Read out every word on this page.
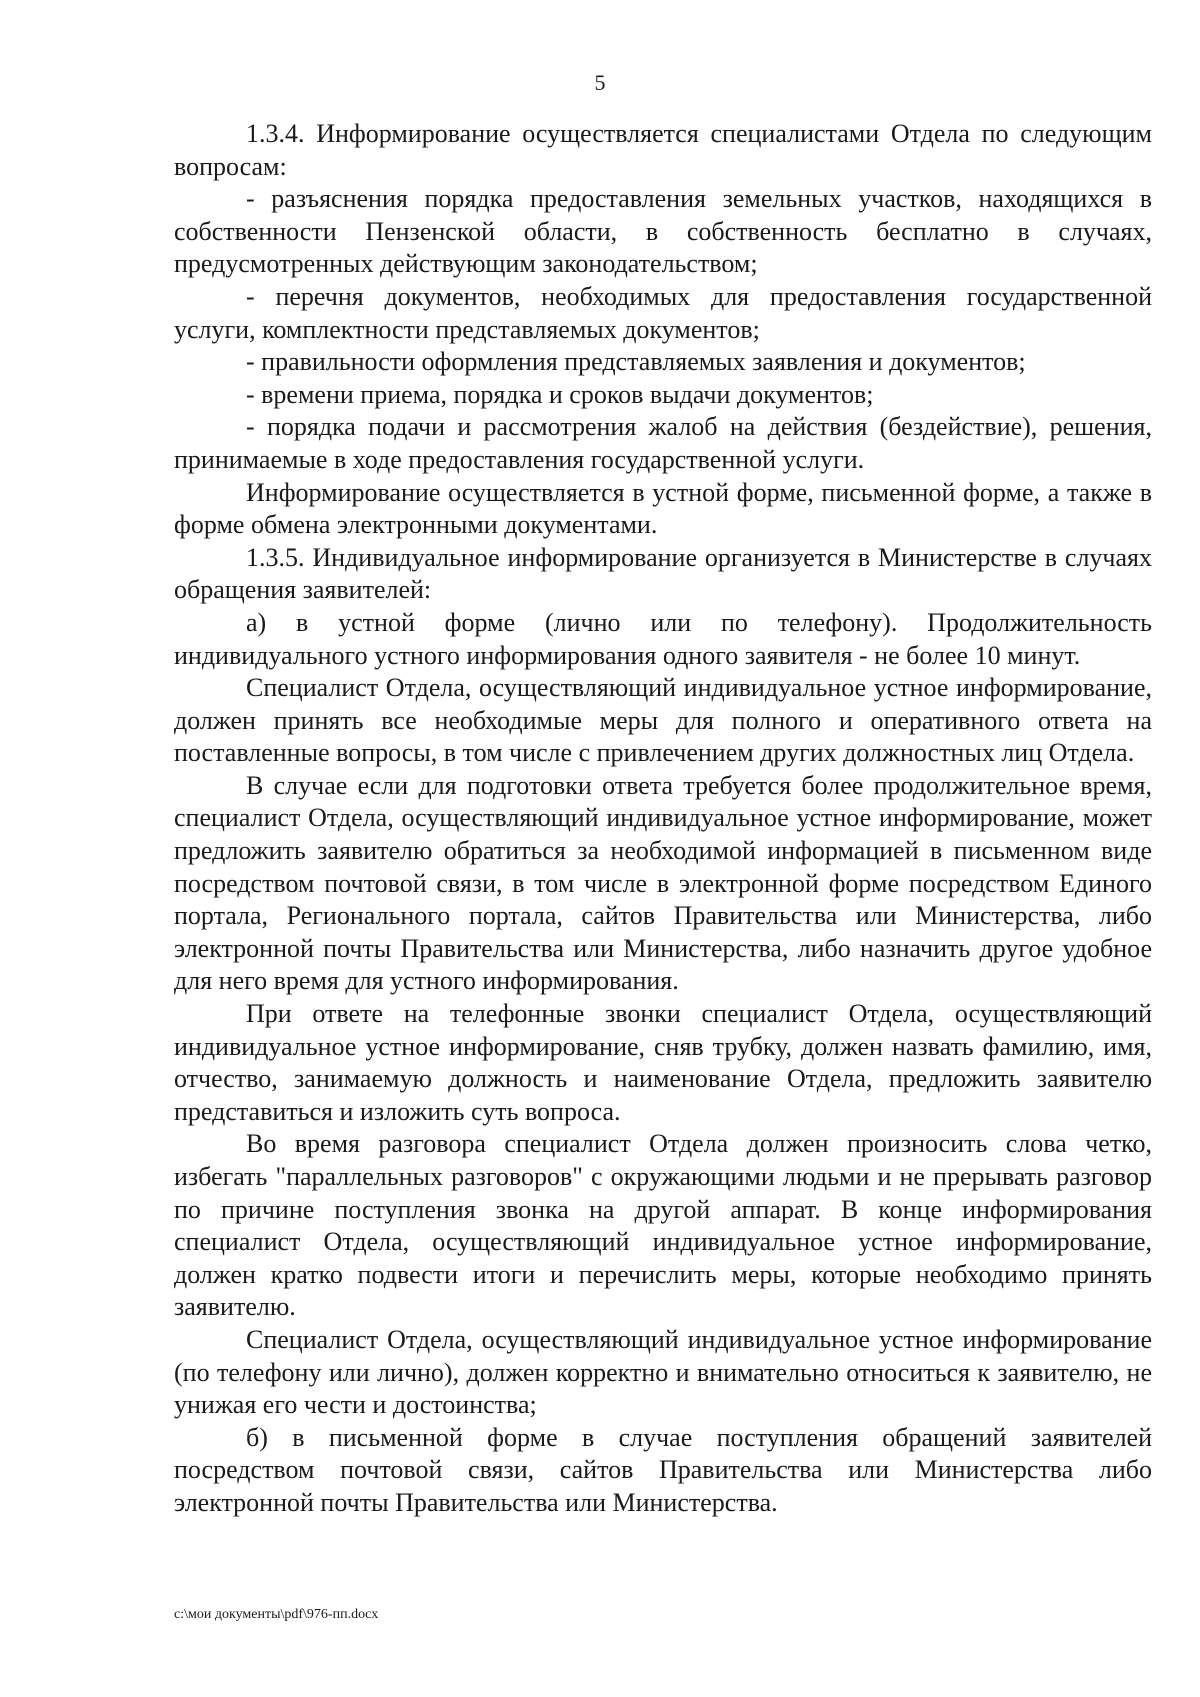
5

1.3.4. Информирование осуществляется специалистами Отдела по следующим вопросам:

- разъяснения порядка предоставления земельных участков, находящихся в собственности Пензенской области, в собственность бесплатно в случаях, предусмотренных действующим законодательством;

- перечня документов, необходимых для предоставления государственной услуги, комплектности представляемых документов;

- правильности оформления представляемых заявления и документов;

- времени приема, порядка и сроков выдачи документов;

- порядка подачи и рассмотрения жалоб на действия (бездействие), решения, принимаемые в ходе предоставления государственной услуги.

Информирование осуществляется в устной форме, письменной форме, а также в форме обмена электронными документами.

1.3.5. Индивидуальное информирование организуется в Министерстве в случаях обращения заявителей:

а) в устной форме (лично или по телефону). Продолжительность индивидуального устного информирования одного заявителя - не более 10 минут.

Специалист Отдела, осуществляющий индивидуальное устное информирование, должен принять все необходимые меры для полного и оперативного ответа на поставленные вопросы, в том числе с привлечением других должностных лиц Отдела.

В случае если для подготовки ответа требуется более продолжительное время, специалист Отдела, осуществляющий индивидуальное устное информирование, может предложить заявителю обратиться за необходимой информацией в письменном виде посредством почтовой связи, в том числе в электронной форме посредством Единого портала, Регионального портала, сайтов Правительства или Министерства, либо электронной почты Правительства или Министерства, либо назначить другое удобное для него время для устного информирования.

При ответе на телефонные звонки специалист Отдела, осуществляющий индивидуальное устное информирование, сняв трубку, должен назвать фамилию, имя, отчество, занимаемую должность и наименование Отдела, предложить заявителю представиться и изложить суть вопроса.

Во время разговора специалист Отдела должен произносить слова четко, избегать "параллельных разговоров" с окружающими людьми и не прерывать разговор по причине поступления звонка на другой аппарат. В конце информирования специалист Отдела, осуществляющий индивидуальное устное информирование, должен кратко подвести итоги и перечислить меры, которые необходимо принять заявителю.

Специалист Отдела, осуществляющий индивидуальное устное информирование (по телефону или лично), должен корректно и внимательно относиться к заявителю, не унижая его чести и достоинства;

б) в письменной форме в случае поступления обращений заявителей посредством почтовой связи, сайтов Правительства или Министерства либо электронной почты Правительства или Министерства.

c:\мои документы\pdf\976-пп.docx
